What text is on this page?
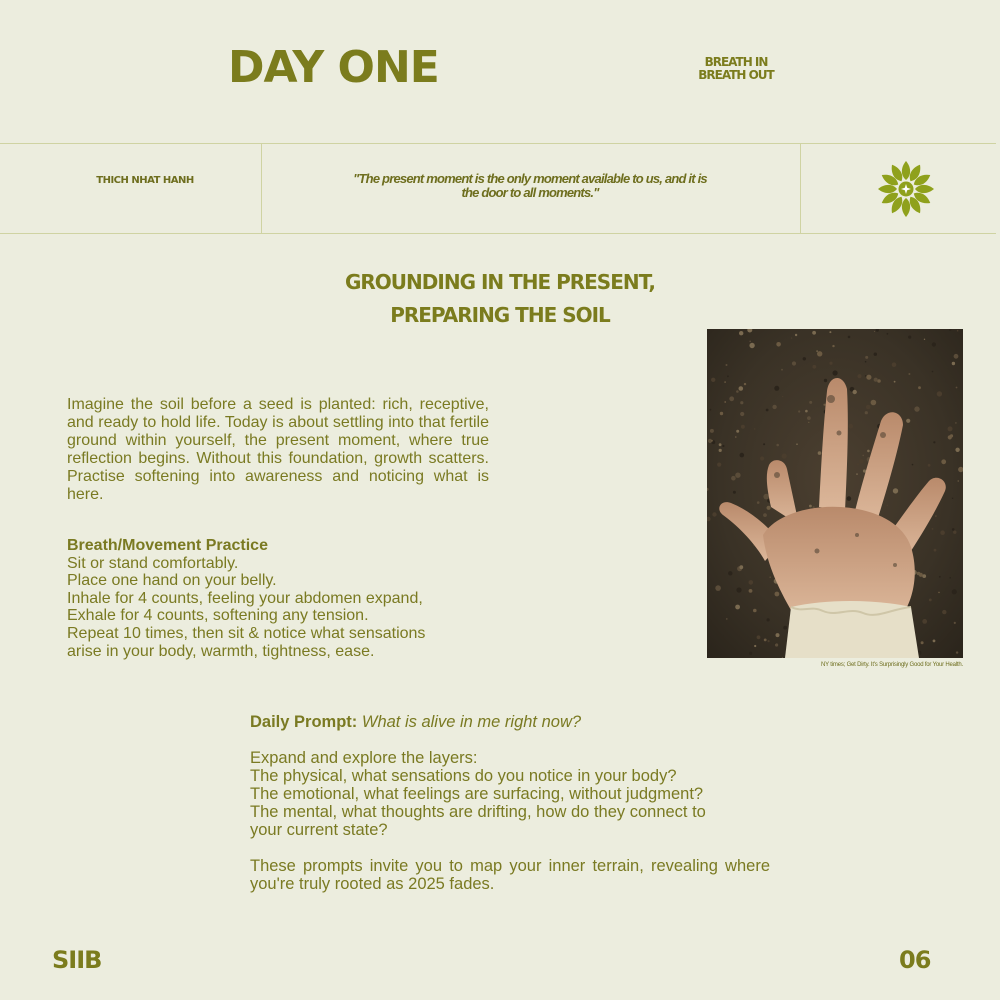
DAY ONE	BREATH IN
BREATH OUT
THICH NHAT HANH	"The present moment is the only moment available to us, and it is
the door to all moments."
GROUNDING IN THE PRESENT,
PREPARING THE SOIL

Imagine the soil before a seed is planted: rich, receptive, and ready to hold life. Today is about settling into that fertile ground within yourself, the present moment, where true reflection begins. Without this foundation, growth scatters. Practise softening into awareness and noticing what is here.

Breath/Movement Practice
Sit or stand comfortably.
Place one hand on your belly.
Inhale for 4 counts, feeling your abdomen expand,
Exhale for 4 counts, softening any tension.
Repeat 10 times, then sit & notice what sensations
arise in your body, warmth, tightness, ease.
NY times; Get Dirty. It's Surprisingly Good for Your Health.
Daily Prompt: What is alive in me right now?
Expand and explore the layers:
The physical, what sensations do you notice in your body?
The emotional, what feelings are surfacing, without judgment?
The mental, what thoughts are drifting, how do they connect to
your current state?

These prompts invite you to map your inner terrain, revealing where you're truly rooted as 2025 fades.

SIIB	06
